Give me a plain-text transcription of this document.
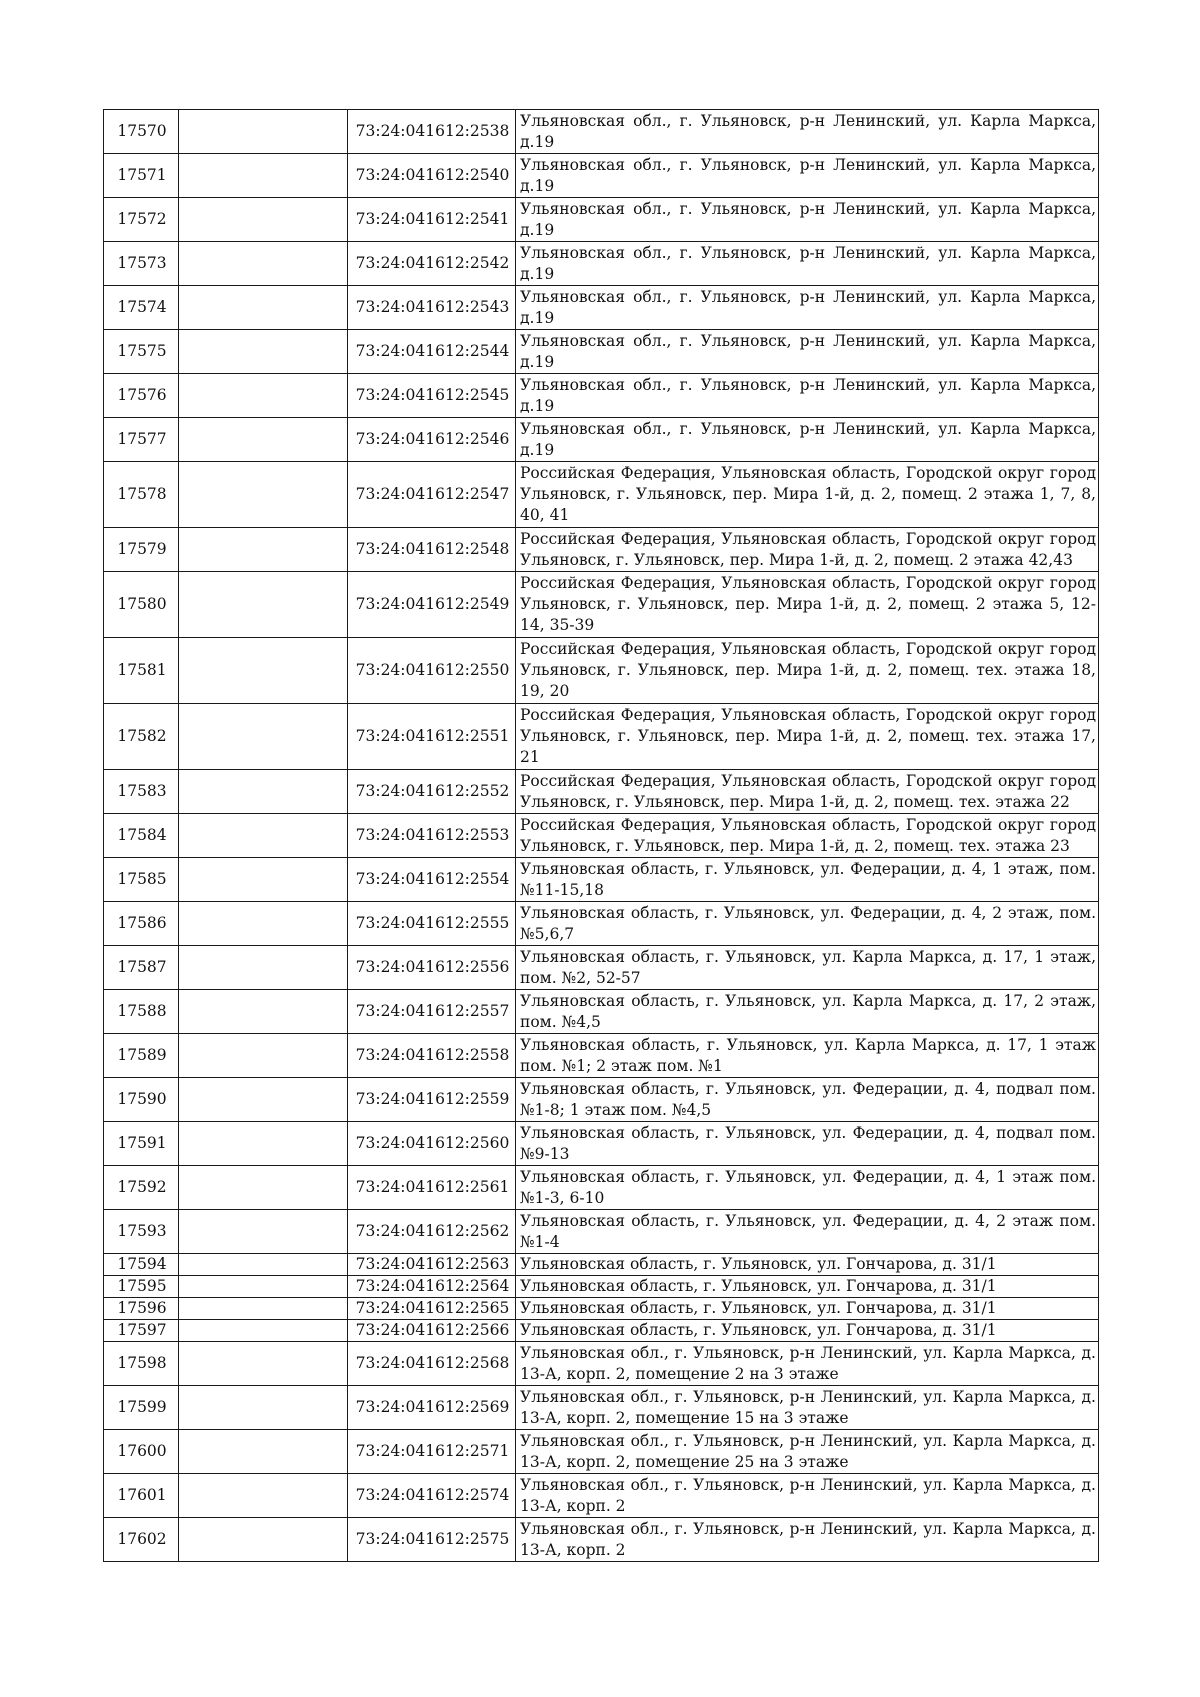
17570		73:24:041612:2538	Ульяновская обл., г. Ульяновск, р-н Ленинский, ул. Карла Маркса, д.19
17571		73:24:041612:2540	Ульяновская обл., г. Ульяновск, р-н Ленинский, ул. Карла Маркса, д.19
17572		73:24:041612:2541	Ульяновская обл., г. Ульяновск, р-н Ленинский, ул. Карла Маркса, д.19
17573		73:24:041612:2542	Ульяновская обл., г. Ульяновск, р-н Ленинский, ул. Карла Маркса, д.19
17574		73:24:041612:2543	Ульяновская обл., г. Ульяновск, р-н Ленинский, ул. Карла Маркса, д.19
17575		73:24:041612:2544	Ульяновская обл., г. Ульяновск, р-н Ленинский, ул. Карла Маркса, д.19
17576		73:24:041612:2545	Ульяновская обл., г. Ульяновск, р-н Ленинский, ул. Карла Маркса, д.19
17577		73:24:041612:2546	Ульяновская обл., г. Ульяновск, р-н Ленинский, ул. Карла Маркса, д.19
17578		73:24:041612:2547	Российская Федерация, Ульяновская область, Городской округ город Ульяновск, г. Ульяновск, пер. Мира 1-й, д. 2, помещ. 2 этажа 1, 7, 8, 40, 41
17579		73:24:041612:2548	Российская Федерация, Ульяновская область, Городской округ город Ульяновск, г. Ульяновск, пер. Мира 1-й, д. 2, помещ. 2 этажа 42,43
17580		73:24:041612:2549	Российская Федерация, Ульяновская область, Городской округ город Ульяновск, г. Ульяновск, пер. Мира 1-й, д. 2, помещ. 2 этажа 5, 12-14, 35-39
17581		73:24:041612:2550	Российская Федерация, Ульяновская область, Городской округ город Ульяновск, г. Ульяновск, пер. Мира 1-й, д. 2, помещ. тех. этажа 18, 19, 20
17582		73:24:041612:2551	Российская Федерация, Ульяновская область, Городской округ город Ульяновск, г. Ульяновск, пер. Мира 1-й, д. 2, помещ. тех. этажа 17, 21
17583		73:24:041612:2552	Российская Федерация, Ульяновская область, Городской округ город Ульяновск, г. Ульяновск, пер. Мира 1-й, д. 2, помещ. тех. этажа 22
17584		73:24:041612:2553	Российская Федерация, Ульяновская область, Городской округ город Ульяновск, г. Ульяновск, пер. Мира 1-й, д. 2, помещ. тех. этажа 23
17585		73:24:041612:2554	Ульяновская область, г. Ульяновск, ул. Федерации, д. 4, 1 этаж, пом. №11-15,18
17586		73:24:041612:2555	Ульяновская область, г. Ульяновск, ул. Федерации, д. 4, 2 этаж, пом. №5,6,7
17587		73:24:041612:2556	Ульяновская область, г. Ульяновск, ул. Карла Маркса, д. 17, 1 этаж, пом. №2, 52-57
17588		73:24:041612:2557	Ульяновская область, г. Ульяновск, ул. Карла Маркса, д. 17, 2 этаж, пом. №4,5
17589		73:24:041612:2558	Ульяновская область, г. Ульяновск, ул. Карла Маркса, д. 17, 1 этаж пом. №1; 2 этаж пом. №1
17590		73:24:041612:2559	Ульяновская область, г. Ульяновск, ул. Федерации, д. 4, подвал пом. №1-8; 1 этаж пом. №4,5
17591		73:24:041612:2560	Ульяновская область, г. Ульяновск, ул. Федерации, д. 4, подвал пом. №9-13
17592		73:24:041612:2561	Ульяновская область, г. Ульяновск, ул. Федерации, д. 4, 1 этаж пом. №1-3, 6-10
17593		73:24:041612:2562	Ульяновская область, г. Ульяновск, ул. Федерации, д. 4, 2 этаж пом. №1-4
17594		73:24:041612:2563	Ульяновская область, г. Ульяновск, ул. Гончарова, д. 31/1
17595		73:24:041612:2564	Ульяновская область, г. Ульяновск, ул. Гончарова, д. 31/1
17596		73:24:041612:2565	Ульяновская область, г. Ульяновск, ул. Гончарова, д. 31/1
17597		73:24:041612:2566	Ульяновская область, г. Ульяновск, ул. Гончарова, д. 31/1
17598		73:24:041612:2568	Ульяновская обл., г. Ульяновск, р-н Ленинский, ул. Карла Маркса, д. 13-А, корп. 2, помещение 2 на 3 этаже
17599		73:24:041612:2569	Ульяновская обл., г. Ульяновск, р-н Ленинский, ул. Карла Маркса, д. 13-А, корп. 2, помещение 15 на 3 этаже
17600		73:24:041612:2571	Ульяновская обл., г. Ульяновск, р-н Ленинский, ул. Карла Маркса, д. 13-А, корп. 2, помещение 25 на 3 этаже
17601		73:24:041612:2574	Ульяновская обл., г. Ульяновск, р-н Ленинский, ул. Карла Маркса, д. 13-А, корп. 2
17602		73:24:041612:2575	Ульяновская обл., г. Ульяновск, р-н Ленинский, ул. Карла Маркса, д. 13-А, корп. 2
